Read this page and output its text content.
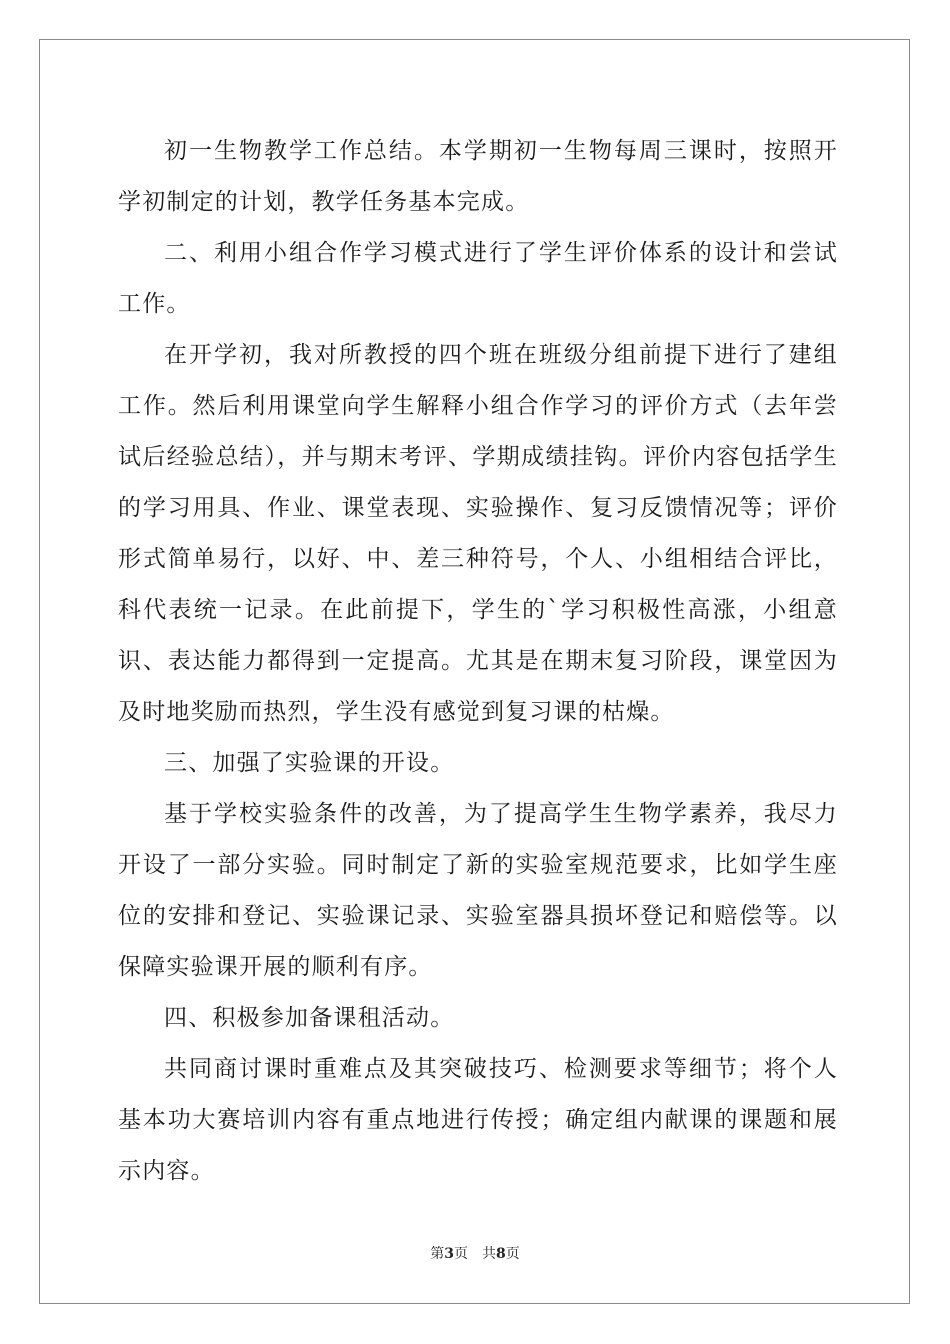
初一生物教学工作总结。本学期初一生物每周三课时，按照开学初制定的计划，教学任务基本完成。

二、利用小组合作学习模式进行了学生评价体系的设计和尝试工作。

在开学初，我对所教授的四个班在班级分组前提下进行了建组工作。然后利用课堂向学生解释小组合作学习的评价方式（去年尝试后经验总结），并与期末考评、学期成绩挂钩。评价内容包括学生的学习用具、作业、课堂表现、实验操作、复习反馈情况等；评价形式简单易行，以好、中、差三种符号，个人、小组相结合评比，科代表统一记录。在此前提下，学生的`学习积极性高涨，小组意识、表达能力都得到一定提高。尤其是在期末复习阶段，课堂因为及时地奖励而热烈，学生没有感觉到复习课的枯燥。

三、加强了实验课的开设。

基于学校实验条件的改善，为了提高学生生物学素养，我尽力开设了一部分实验。同时制定了新的实验室规范要求，比如学生座位的安排和登记、实验课记录、实验室器具损坏登记和赔偿等。以保障实验课开展的顺利有序。

四、积极参加备课租活动。

共同商讨课时重难点及其突破技巧、检测要求等细节；将个人基本功大赛培训内容有重点地进行传授；确定组内献课的课题和展示内容。

第3页 共8页
